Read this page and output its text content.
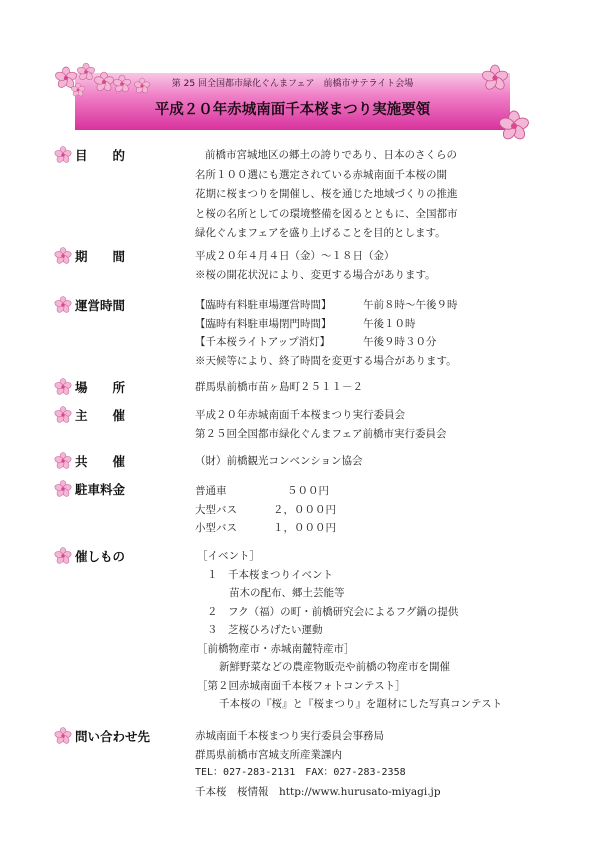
第 25 回全国都市緑化ぐんまフェア　前橋市サテライト会場
平成２０年赤城南面千本桜まつり実施要領
目　　的	前橋市宮城地区の郷土の誇りであり、日本のさくらの
名所１００選にも選定されている赤城南面千本桜の開
花期に桜まつりを開催し、桜を通じた地域づくりの推進
と桜の名所としての環境整備を図るとともに、全国都市
緑化ぐんまフェアを盛り上げることを目的とします。
期　　間	平成２０年４月４日（金）～１８日（金）
※桜の開花状況により、変更する場合があります。
運営時間	【臨時有料駐車場運営時間】	午前８時～午後９時
【臨時有料駐車場閉門時間】	午後１０時
【千本桜ライトアップ消灯】	午後９時３０分
※天候等により、終了時間を変更する場合があります。
場　　所	群馬県前橋市苗ヶ島町２５１１－２
主　　催	平成２０年赤城南面千本桜まつり実行委員会
第２５回全国都市緑化ぐんまフェア前橋市実行委員会
共　　催	（財）前橋観光コンベンション協会
駐車料金	普通車	５００円
大型バス	２，０００円
小型バス	１，０００円
催しもの	［イベント］
１　千本桜まつりイベント
苗木の配布、郷土芸能等
２　フク（福）の町・前橋研究会によるフグ鍋の提供
３　芝桜ひろげたい運動
［前橋物産市・赤城南麓特産市］
新鮮野菜などの農産物販売や前橋の物産市を開催
［第２回赤城南面千本桜フォトコンテスト］
千本桜の『桜』と『桜まつり』を題材にした写真コンテスト
問い合わせ先	赤城南面千本桜まつり実行委員会事務局
群馬県前橋市宮城支所産業課内
TEL：027-283-2131　FAX：027-283-2358
千本桜　桜情報　http://www.hurusato-miyagi.jp
